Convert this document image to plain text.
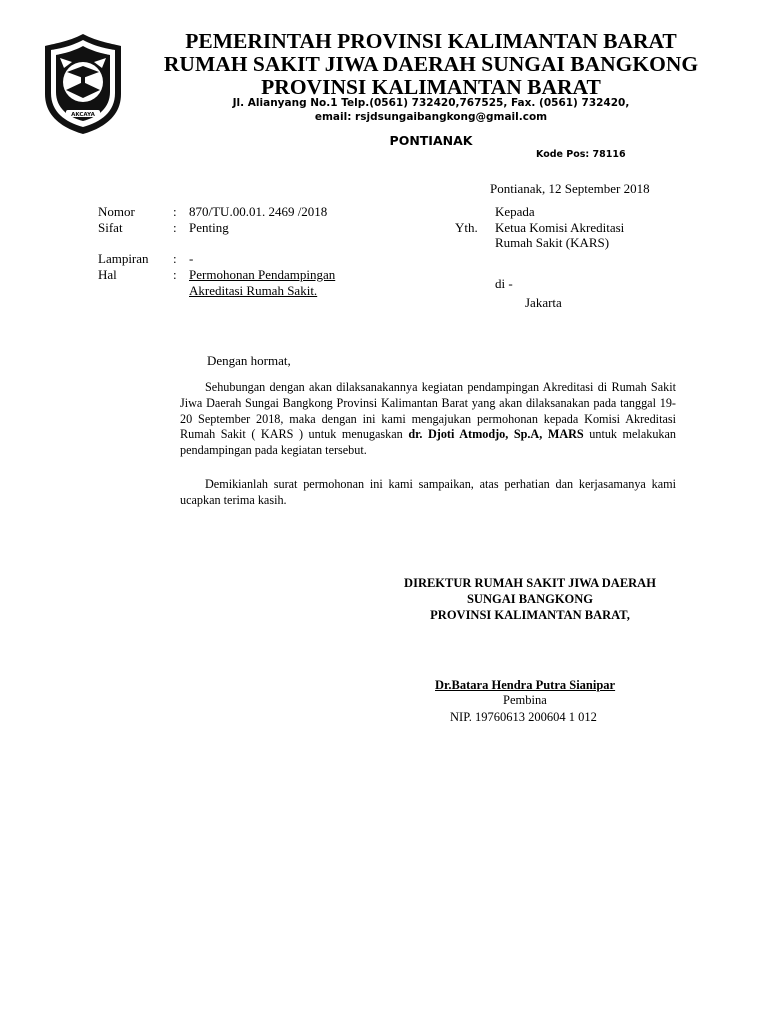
AKCAYA
PEMERINTAH PROVINSI KALIMANTAN BARAT
RUMAH SAKIT JIWA DAERAH SUNGAI BANGKONG
PROVINSI KALIMANTAN BARAT
Jl. Alianyang No.1 Telp.(0561) 732420,767525, Fax. (0561) 732420,
email: rsjdsungaibangkong@gmail.com
PONTIANAK
Kode Pos: 78116
Pontianak, 12 September 2018
Nomor	: 870/TU.00.01. 2469 /2018
Sifat	: Penting
Lampiran : -
Hal	: Permohonan Pendampingan
Akreditasi Rumah Sakit.
Kepada
Yth. Ketua Komisi Akreditasi
Rumah Sakit (KARS)
di -
Jakarta
Dengan hormat,
Sehubungan dengan akan dilaksanakannya kegiatan pendampingan Akreditasi di Rumah Sakit Jiwa Daerah Sungai Bangkong Provinsi Kalimantan Barat yang akan dilaksanakan pada tanggal 19-20 September 2018, maka dengan ini kami mengajukan permohonan kepada Komisi Akreditasi Rumah Sakit ( KARS ) untuk menugaskan dr. Djoti Atmodjo, Sp.A, MARS untuk melakukan pendampingan pada kegiatan tersebut.
Demikianlah surat permohonan ini kami sampaikan, atas perhatian dan kerjasamanya kami ucapkan terima kasih.
DIREKTUR RUMAH SAKIT JIWA DAERAH
SUNGAI BANGKONG
PROVINSI KALIMANTAN BARAT,
Dr.Batara Hendra Putra Sianipar
Pembina
NIP. 19760613 200604 1 012
